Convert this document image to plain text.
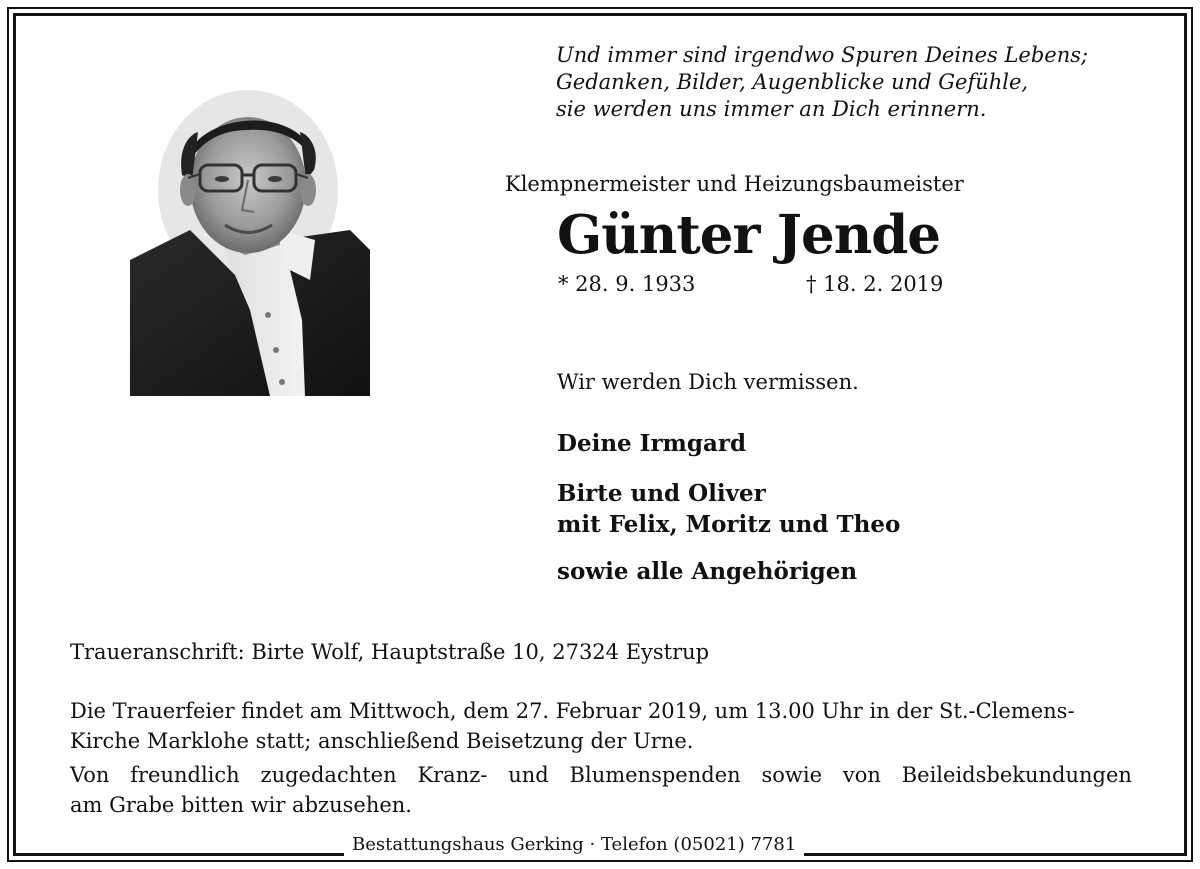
Und immer sind irgendwo Spuren Deines Lebens;
Gedanken, Bilder, Augenblicke und Gefühle,
sie werden uns immer an Dich erinnern.
Klempnermeister und Heizungsbaumeister
Günter Jende
* 28. 9. 1933	† 18. 2. 2019
Wir werden Dich vermissen.
Deine Irmgard
Birte und Oliver
mit Felix, Moritz und Theo
sowie alle Angehörigen
Traueranschrift: Birte Wolf, Hauptstraße 10, 27324 Eystrup
Die Trauerfeier findet am Mittwoch, dem 27. Februar 2019, um 13.00 Uhr in der St.-Clemens-
Kirche Marklohe statt; anschließend Beisetzung der Urne.
Von freundlich zugedachten Kranz- und Blumenspenden sowie von Beileidsbekundungen
am Grabe bitten wir abzusehen.
Bestattungshaus Gerking · Telefon (05021) 7781
